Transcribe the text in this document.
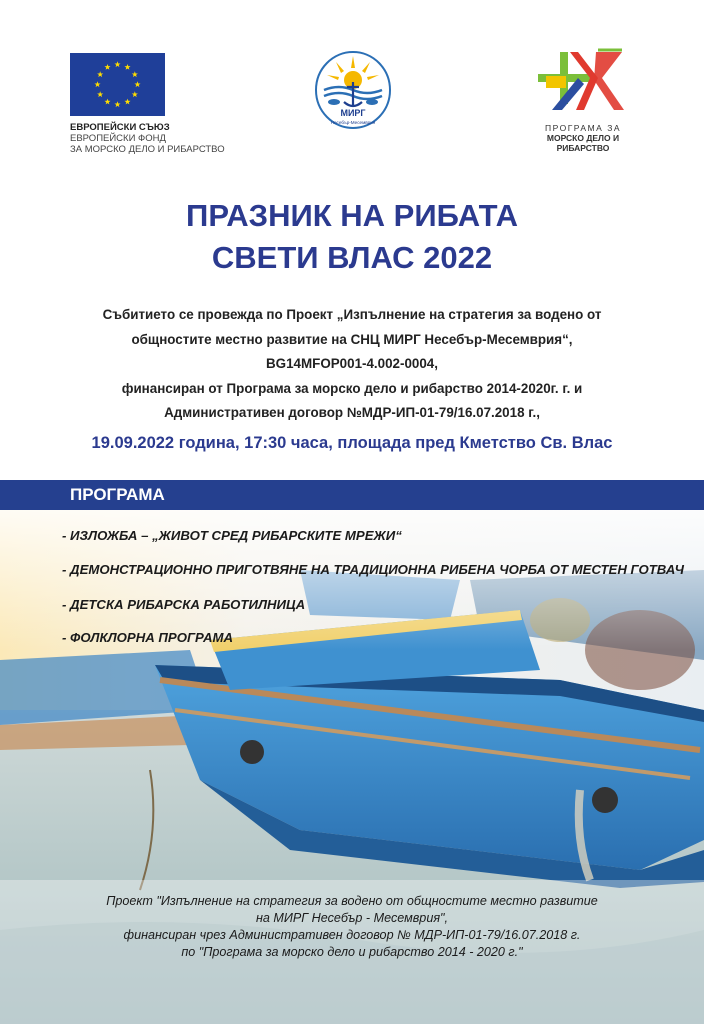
ЕВРОПЕЙСКИ СЪЮЗ
ЕВРОПЕЙСКИ ФОНД
ЗА МОРСКО ДЕЛО И РИБАРСТВО
МИРГ
Несебър-Месемврия
ПРОГРАМА ЗА
МОРСКО ДЕЛО И
РИБАРСТВО
ПРАЗНИК НА РИБАТА
СВЕТИ ВЛАС 2022
Събитието се провежда по Проект „Изпълнение на стратегия за водено от
общностите местно развитие на СНЦ МИРГ Несебър-Месемврия“,
BG14MFOP001-4.002-0004,
финансиран от Програма за морско дело и рибарство 2014-2020г. г. и
Административен договор №МДР-ИП-01-79/16.07.2018 г.,
19.09.2022 година, 17:30 часа, площада пред Кметство Св. Влас
ПРОГРАМА
- ИЗЛОЖБА – „ЖИВОТ СРЕД РИБАРСКИТЕ МРЕЖИ“
- ДЕМОНСТРАЦИОННО ПРИГОТВЯНЕ НА ТРАДИЦИОННА РИБЕНА ЧОРБА ОТ МЕСТЕН ГОТВАЧ
- ДЕТСКА РИБАРСКА РАБОТИЛНИЦА
- ФОЛКЛОРНА ПРОГРАМА
Проект "Изпълнение на стратегия за водено от общностите местно развитие
на МИРГ Несебър - Месемврия",
финансиран чрез Административен договор № МДР-ИП-01-79/16.07.2018 г.
по "Програма за морско дело и рибарство 2014 - 2020 г."
